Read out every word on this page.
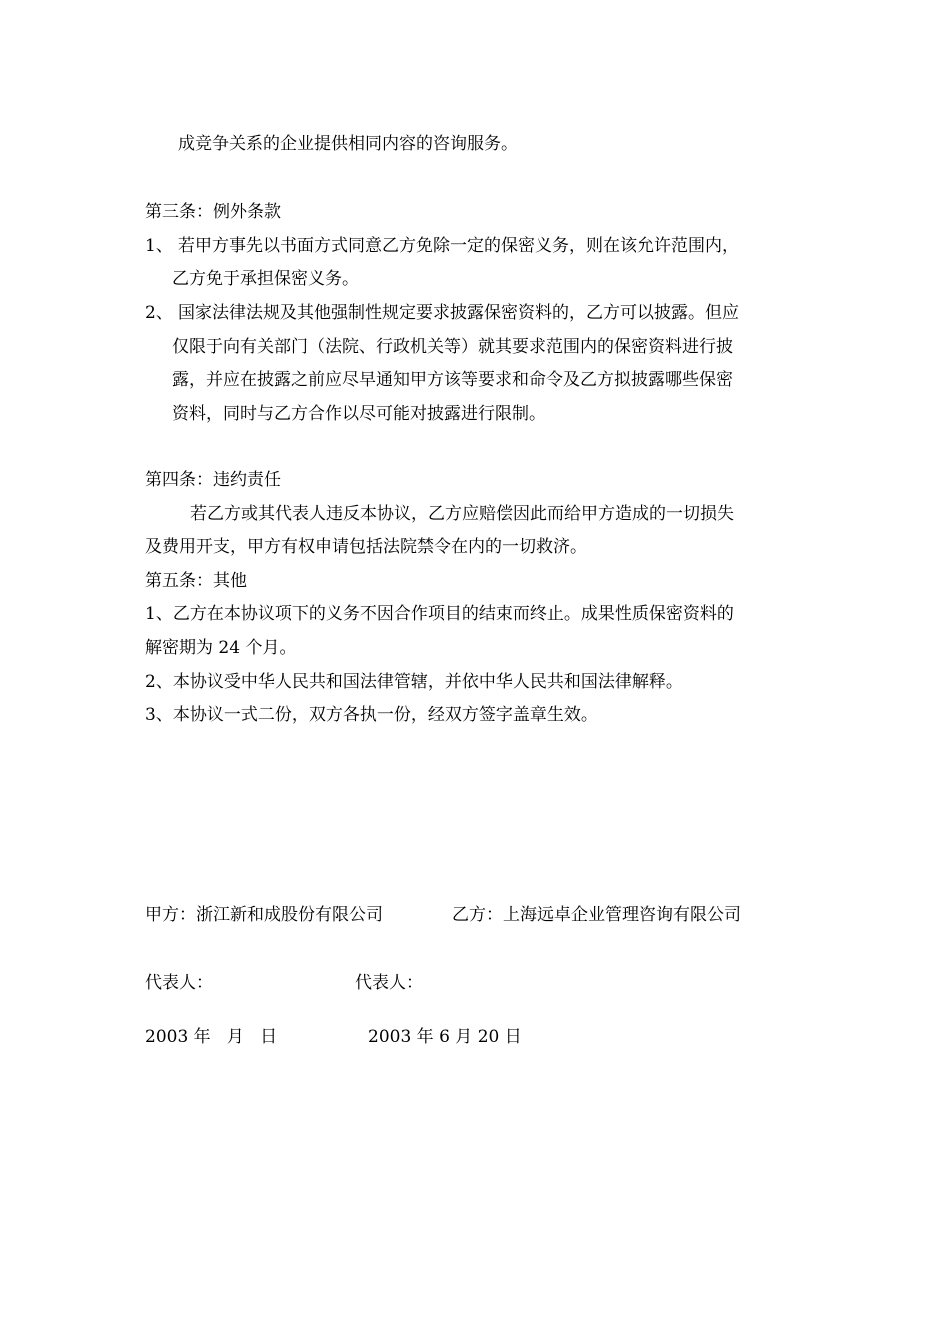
成竞争关系的企业提供相同内容的咨询服务。
第三条：例外条款
1、 若甲方事先以书面方式同意乙方免除一定的保密义务，则在该允许范围内，
乙方免于承担保密义务。
2、 国家法律法规及其他强制性规定要求披露保密资料的，乙方可以披露。但应
仅限于向有关部门（法院、行政机关等）就其要求范围内的保密资料进行披
露，并应在披露之前应尽早通知甲方该等要求和命令及乙方拟披露哪些保密
资料，同时与乙方合作以尽可能对披露进行限制。
第四条：违约责任
若乙方或其代表人违反本协议，乙方应赔偿因此而给甲方造成的一切损失
及费用开支，甲方有权申请包括法院禁令在内的一切救济。
第五条：其他
1、乙方在本协议项下的义务不因合作项目的结束而终止。成果性质保密资料的
解密期为 24 个月。
2、本协议受中华人民共和国法律管辖，并依中华人民共和国法律解释。
3、本协议一式二份，双方各执一份，经双方签字盖章生效。
甲方：浙江新和成股份有限公司	乙方：上海远卓企业管理咨询有限公司
代表人：	代表人：
2003 年   月   日	2003 年 6 月 20 日
